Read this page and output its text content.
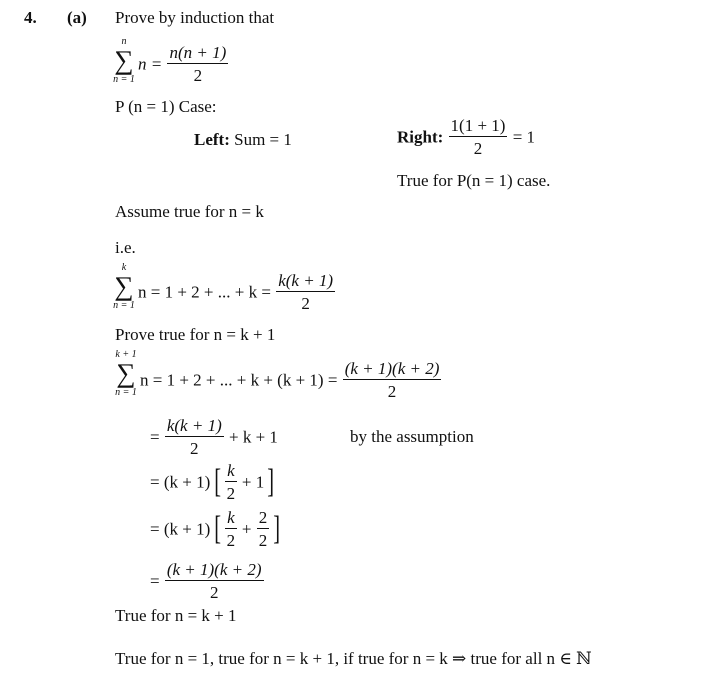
4. (a) Prove by induction that
n
∑
n = 1
$n = \frac{n(n + 1)}{2}$
P (n = 1) Case:
Left: Sum = 1	Right: $\frac{1(1 + 1)}{2} = 1$
True for P(n = 1) case.
Assume true for n = k
i.e.
k
∑
n = 1
n = 1 + 2 + ... + $k = \frac{k(k + 1)}{2}$
Prove true for n = k + 1
k + 1
∑
n = 1
n = 1 + 2 + ... + $k + (k + 1) = \frac{(k + 1)(k + 2)}{2}$
= $\frac{k(k + 1)}{2} + k + 1$	by the assumption
= (k + 1) [ $\frac{k}{2} + 1$ ]
= (k + 1) [ $\frac{k}{2} + \frac{2}{2}$ ]
= $\frac{(k + 1)(k + 2)}{2}$
True for n = k + 1
True for n = 1, true for n = k + 1, if true for n = k ⇒ true for all n ∈ ℕ
